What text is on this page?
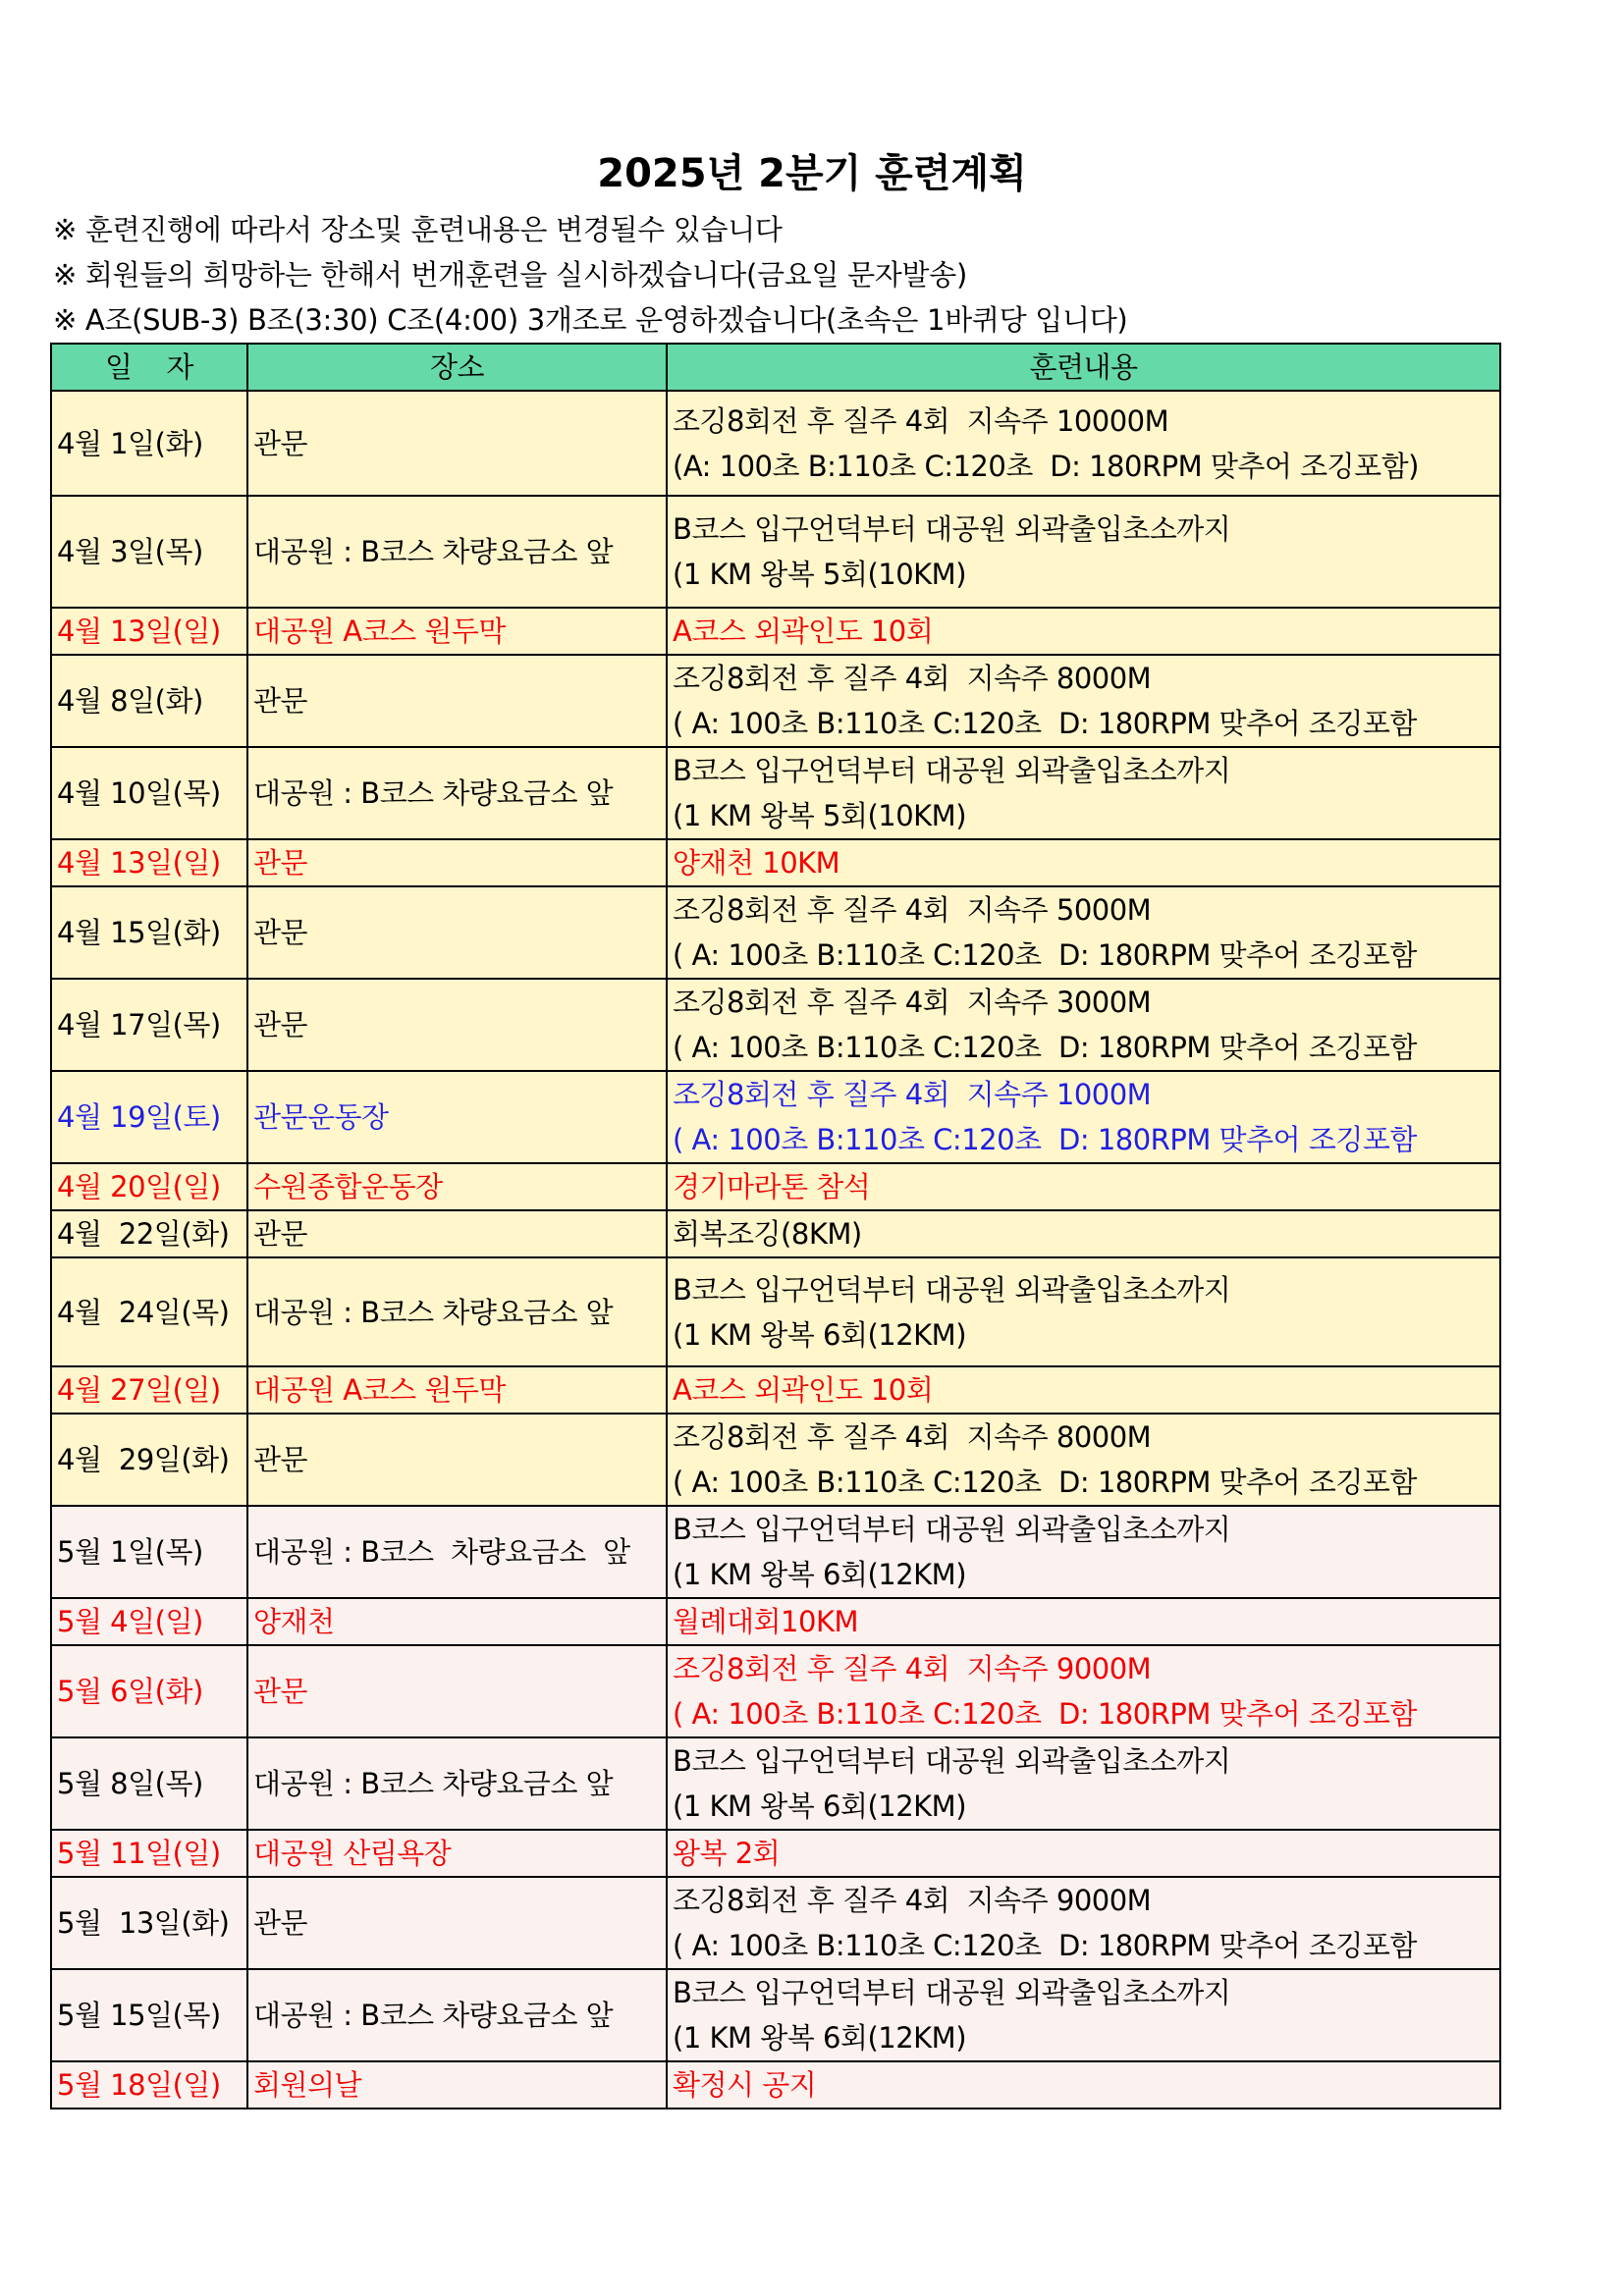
2025년 2분기 훈련계획
※ 훈련진행에 따라서 장소및 훈련내용은 변경될수 있습니다
※ 회원들의 희망하는 한해서 번개훈련을 실시하겠습니다(금요일 문자발송)
※ A조(SUB-3) B조(3:30) C조(4:00) 3개조로 운영하겠습니다(초속은 1바퀴당 입니다)
일    자	장소	훈련내용
4월 1일(화)	관문	조깅8회전 후 질주 4회  지속주 10000M
(A: 100초 B:110초 C:120초  D: 180RPM 맞추어 조깅포함)

4월 3일(목)	대공원 : B코스 차량요금소 앞	B코스 입구언덕부터 대공원 외곽출입초소까지
(1 KM 왕복 5회(10KM)

4월 13일(일)	대공원 A코스 원두막	A코스 외곽인도 10회

4월 8일(화)	관문	조깅8회전 후 질주 4회  지속주 8000M
( A: 100초 B:110초 C:120초  D: 180RPM 맞추어 조깅포함

4월 10일(목)	대공원 : B코스 차량요금소 앞	B코스 입구언덕부터 대공원 외곽출입초소까지
(1 KM 왕복 5회(10KM)

4월 13일(일)	관문	양재천 10KM

4월 15일(화)	관문	조깅8회전 후 질주 4회  지속주 5000M
( A: 100초 B:110초 C:120초  D: 180RPM 맞추어 조깅포함

4월 17일(목)	관문	조깅8회전 후 질주 4회  지속주 3000M
( A: 100초 B:110초 C:120초  D: 180RPM 맞추어 조깅포함

4월 19일(토)	관문운동장	조깅8회전 후 질주 4회  지속주 1000M
( A: 100초 B:110초 C:120초  D: 180RPM 맞추어 조깅포함

4월 20일(일)	수원종합운동장	경기마라톤 참석

4월  22일(화)	관문	회복조깅(8KM)

4월  24일(목)	대공원 : B코스 차량요금소 앞	B코스 입구언덕부터 대공원 외곽출입초소까지
(1 KM 왕복 6회(12KM)

4월 27일(일)	대공원 A코스 원두막	A코스 외곽인도 10회

4월  29일(화)	관문	조깅8회전 후 질주 4회  지속주 8000M
( A: 100초 B:110초 C:120초  D: 180RPM 맞추어 조깅포함

5월 1일(목)	대공원 : B코스  차량요금소  앞	B코스 입구언덕부터 대공원 외곽출입초소까지
(1 KM 왕복 6회(12KM)

5월 4일(일)	양재천	월례대회10KM

5월 6일(화)	관문	조깅8회전 후 질주 4회  지속주 9000M
( A: 100초 B:110초 C:120초  D: 180RPM 맞추어 조깅포함

5월 8일(목)	대공원 : B코스 차량요금소 앞	B코스 입구언덕부터 대공원 외곽출입초소까지
(1 KM 왕복 6회(12KM)

5월 11일(일)	대공원 산림욕장	왕복 2회

5월  13일(화)	관문	조깅8회전 후 질주 4회  지속주 9000M
( A: 100초 B:110초 C:120초  D: 180RPM 맞추어 조깅포함

5월 15일(목)	대공원 : B코스 차량요금소 앞	B코스 입구언덕부터 대공원 외곽출입초소까지
(1 KM 왕복 6회(12KM)

5월 18일(일)	회원의날	확정시 공지
